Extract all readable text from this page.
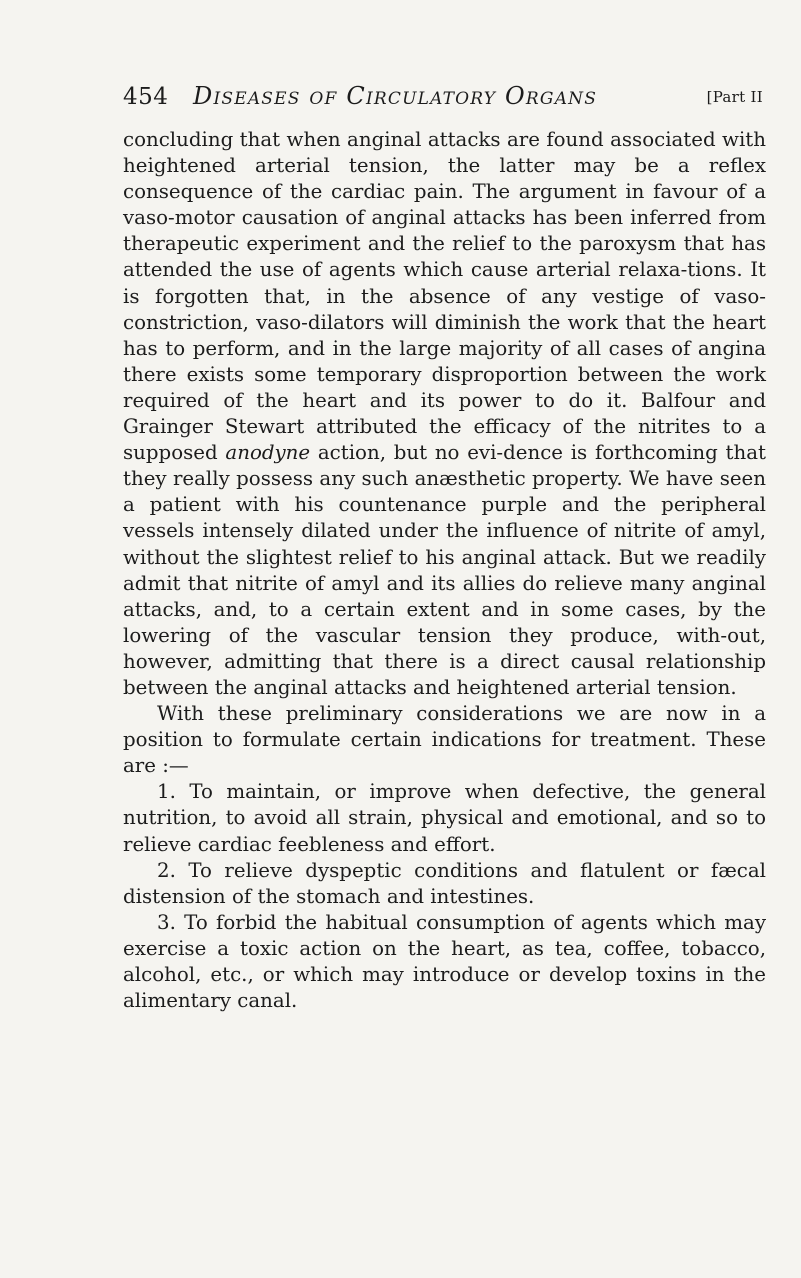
454 Diseases of Circulatory Organs	[Part II

concluding that when anginal attacks are found associated with heightened arterial tension, the latter may be a reflex consequence of the cardiac pain. The argument in favour of a vaso-motor causation of anginal attacks has been inferred from therapeutic experiment and the relief to the paroxysm that has attended the use of agents which cause arterial relaxa-tions. It is forgotten that, in the absence of any vestige of vaso-constriction, vaso-dilators will diminish the work that the heart has to perform, and in the large majority of all cases of angina there exists some temporary disproportion between the work required of the heart and its power to do it. Balfour and Grainger Stewart attributed the efficacy of the nitrites to a supposed anodyne action, but no evi-dence is forthcoming that they really possess any such anæsthetic property. We have seen a patient with his countenance purple and the peripheral vessels intensely dilated under the influence of nitrite of amyl, without the slightest relief to his anginal attack. But we readily admit that nitrite of amyl and its allies do relieve many anginal attacks, and, to a certain extent and in some cases, by the lowering of the vascular tension they produce, with-out, however, admitting that there is a direct causal relationship between the anginal attacks and heightened arterial tension.

With these preliminary considerations we are now in a position to formulate certain indications for treatment. These are :—

1. To maintain, or improve when defective, the general nutrition, to avoid all strain, physical and emotional, and so to relieve cardiac feebleness and effort.

2. To relieve dyspeptic conditions and flatulent or fæcal distension of the stomach and intestines.

3. To forbid the habitual consumption of agents which may exercise a toxic action on the heart, as tea, coffee, tobacco, alcohol, etc., or which may introduce or develop toxins in the alimentary canal.
